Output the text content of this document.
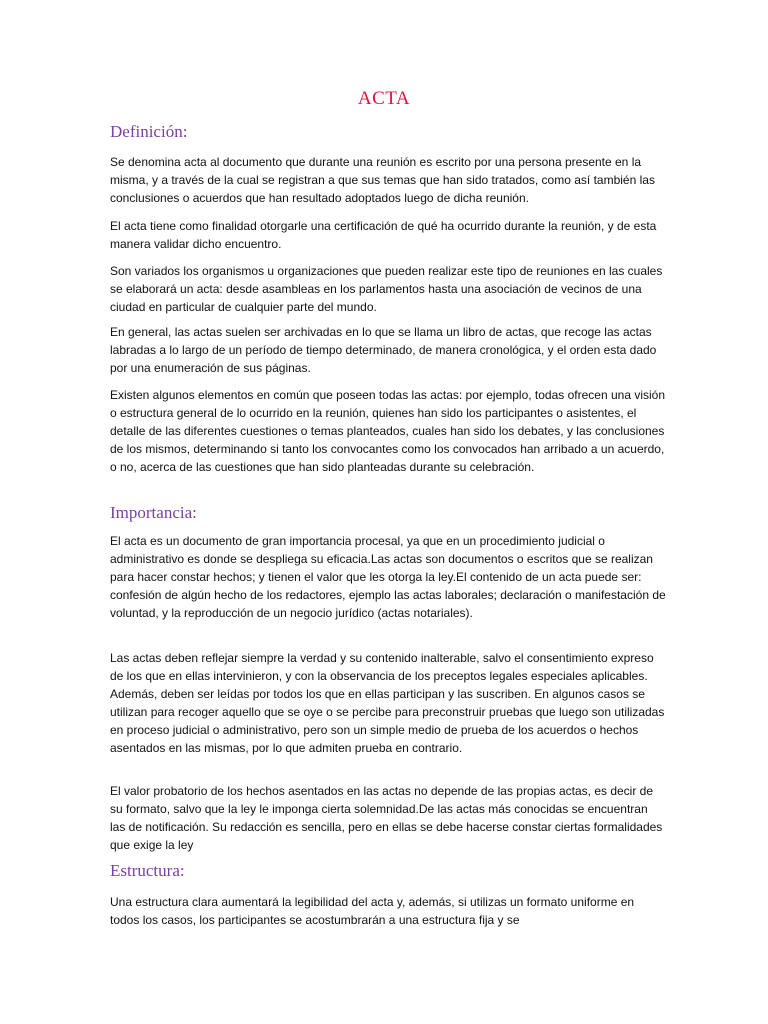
ACTA
Definición:

Se denomina acta al documento que durante una reunión es escrito por una persona presente en la misma, y a través de la cual se registran a que sus temas que han sido tratados, como así también las conclusiones o acuerdos que han resultado adoptados luego de dicha reunión.

El acta tiene como finalidad otorgarle una certificación de qué ha ocurrido durante la reunión, y de esta manera validar dicho encuentro.

Son variados los organismos u organizaciones que pueden realizar este tipo de reuniones en las cuales se elaborará un acta: desde asambleas en los parlamentos hasta una asociación de vecinos de una ciudad en particular de cualquier parte del mundo.

En general, las actas suelen ser archivadas en lo que se llama un libro de actas, que recoge las actas labradas a lo largo de un período de tiempo determinado, de manera cronológica, y el orden esta dado por una enumeración de sus páginas.

Existen algunos elementos en común que poseen todas las actas: por ejemplo, todas ofrecen una visión o estructura general de lo ocurrido en la reunión, quienes han sido los participantes o asistentes, el detalle de las diferentes cuestiones o temas planteados, cuales han sido los debates, y las conclusiones de los mismos, determinando si tanto los convocantes como los convocados han arribado a un acuerdo, o no, acerca de las cuestiones que han sido planteadas durante su celebración.

Importancia:

El acta es un documento de gran importancia procesal, ya que en un procedimiento judicial o administrativo es donde se despliega su eficacia.Las actas son documentos o escritos que se realizan para hacer constar hechos; y tienen el valor que les otorga la ley.El contenido de un acta puede ser: confesión de algún hecho de los redactores, ejemplo las actas laborales; declaración o manifestación de voluntad, y la reproducción de un negocio jurídico (actas notariales).

Las actas deben reflejar siempre la verdad y su contenido inalterable, salvo el consentimiento expreso de los que en ellas intervinieron, y con la observancia de los preceptos legales especiales aplicables. Además, deben ser leídas por todos los que en ellas participan y las suscriben. En algunos casos se utilizan para recoger aquello que se oye o se percibe para preconstruir pruebas que luego son utilizadas en proceso judicial o administrativo, pero son un simple medio de prueba de los acuerdos o hechos asentados en las mismas, por lo que admiten prueba en contrario.

El valor probatorio de los hechos asentados en las actas no depende de las propias actas, es decir de su formato, salvo que la ley le imponga cierta solemnidad.De las actas más conocidas se encuentran las de notificación. Su redacción es sencilla, pero en ellas se debe hacerse constar ciertas formalidades que exige la ley

Estructura:

Una estructura clara aumentará la legibilidad del acta y, además, si utilizas un formato uniforme en todos los casos, los participantes se acostumbrarán a una estructura fija y se
